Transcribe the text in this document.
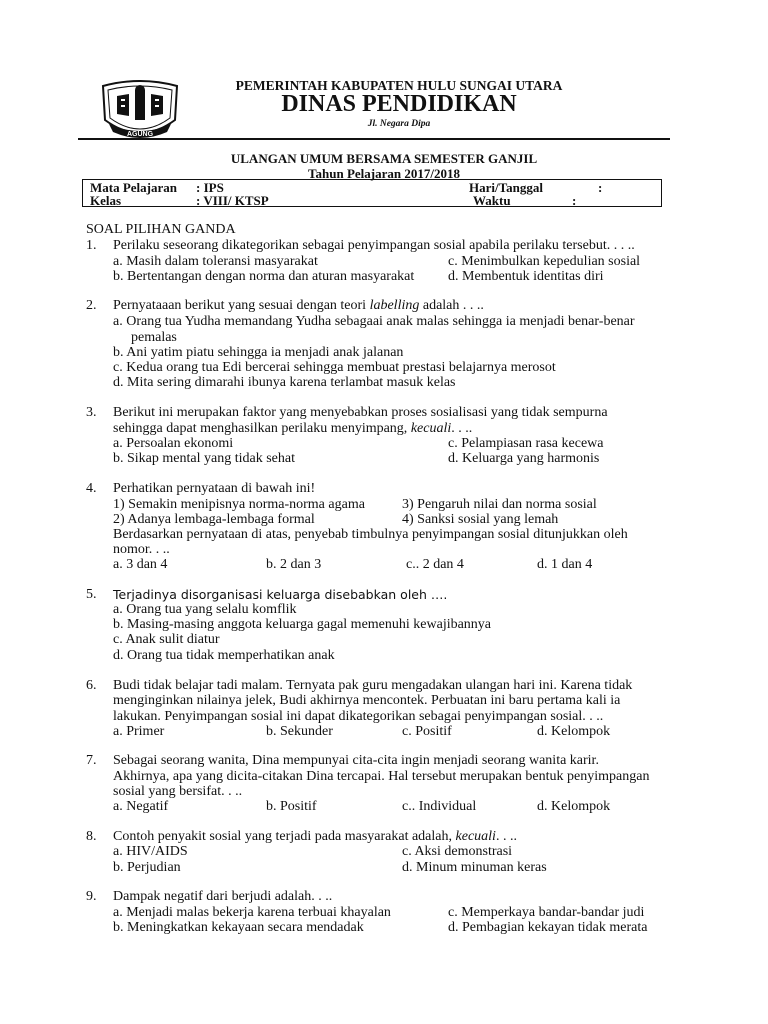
AGUNG
PEMERINTAH KABUPATEN HULU SUNGAI UTARA
DINAS PENDIDIKAN
Jl. Negara Dipa
ULANGAN UMUM BERSAMA SEMESTER GANJIL
Tahun Pelajaran 2017/2018
Mata Pelajaran : IPS
Kelas	: VIII/ KTSP
Hari/Tanggal	:
Waktu	:
SOAL PILIHAN GANDA
1. Perilaku seseorang dikategorikan sebagai penyimpangan sosial apabila perilaku tersebut. . . ..
a. Masih dalam toleransi masyarakat	c. Menimbulkan kepedulian sosial
b. Bertentangan dengan norma dan aturan masyarakat d. Membentuk identitas diri
2. Pernyataaan berikut yang sesuai dengan teori labelling adalah . . ..
a. Orang tua Yudha memandang Yudha sebagaai anak malas sehingga ia menjadi benar-benar
pemalas
b. Ani yatim piatu sehingga ia menjadi anak jalanan
c. Kedua orang tua Edi bercerai sehingga membuat prestasi belajarnya merosot
d. Mita sering dimarahi ibunya karena terlambat masuk kelas
3. Berikut ini merupakan faktor yang menyebabkan proses sosialisasi yang tidak sempurna
sehingga dapat menghasilkan perilaku menyimpang, kecuali. . ..
a. Persoalan ekonomi	c. Pelampiasan rasa kecewa
b. Sikap mental yang tidak sehat	d. Keluarga yang harmonis
4. Perhatikan pernyataan di bawah ini!
1) Semakin menipisnya norma-norma agama	3) Pengaruh nilai dan norma sosial
2) Adanya lembaga-lembaga formal	4) Sanksi sosial yang lemah
Berdasarkan pernyataan di atas, penyebab timbulnya penyimpangan sosial ditunjukkan oleh
nomor. . ..
a. 3 dan 4	b. 2 dan 3	c.. 2 dan 4	d. 1 dan 4
5. Terjadinya disorganisasi keluarga disebabkan oleh ….
a. Orang tua yang selalu komflik
b. Masing-masing anggota keluarga gagal memenuhi kewajibannya
c. Anak sulit diatur
d. Orang tua tidak memperhatikan anak
6. Budi tidak belajar tadi malam. Ternyata pak guru mengadakan ulangan hari ini. Karena tidak
menginginkan nilainya jelek, Budi akhirnya mencontek. Perbuatan ini baru pertama kali ia
lakukan. Penyimpangan sosial ini dapat dikategorikan sebagai penyimpangan sosial. . ..
a. Primer	b. Sekunder	c. Positif	d. Kelompok
7. Sebagai seorang wanita, Dina mempunyai cita-cita ingin menjadi seorang wanita karir.
Akhirnya, apa yang dicita-citakan Dina tercapai. Hal tersebut merupakan bentuk penyimpangan
sosial yang bersifat. . ..
a. Negatif	b. Positif	c.. Individual	d. Kelompok
8. Contoh penyakit sosial yang terjadi pada masyarakat adalah, kecuali. . ..
a. HIV/AIDS	c. Aksi demonstrasi
b. Perjudian	d. Minum minuman keras
9. Dampak negatif dari berjudi adalah. . ..
a. Menjadi malas bekerja karena terbuai khayalan	c. Memperkaya bandar-bandar judi
b. Meningkatkan kekayaan secara mendadak	d. Pembagian kekayan tidak merata
